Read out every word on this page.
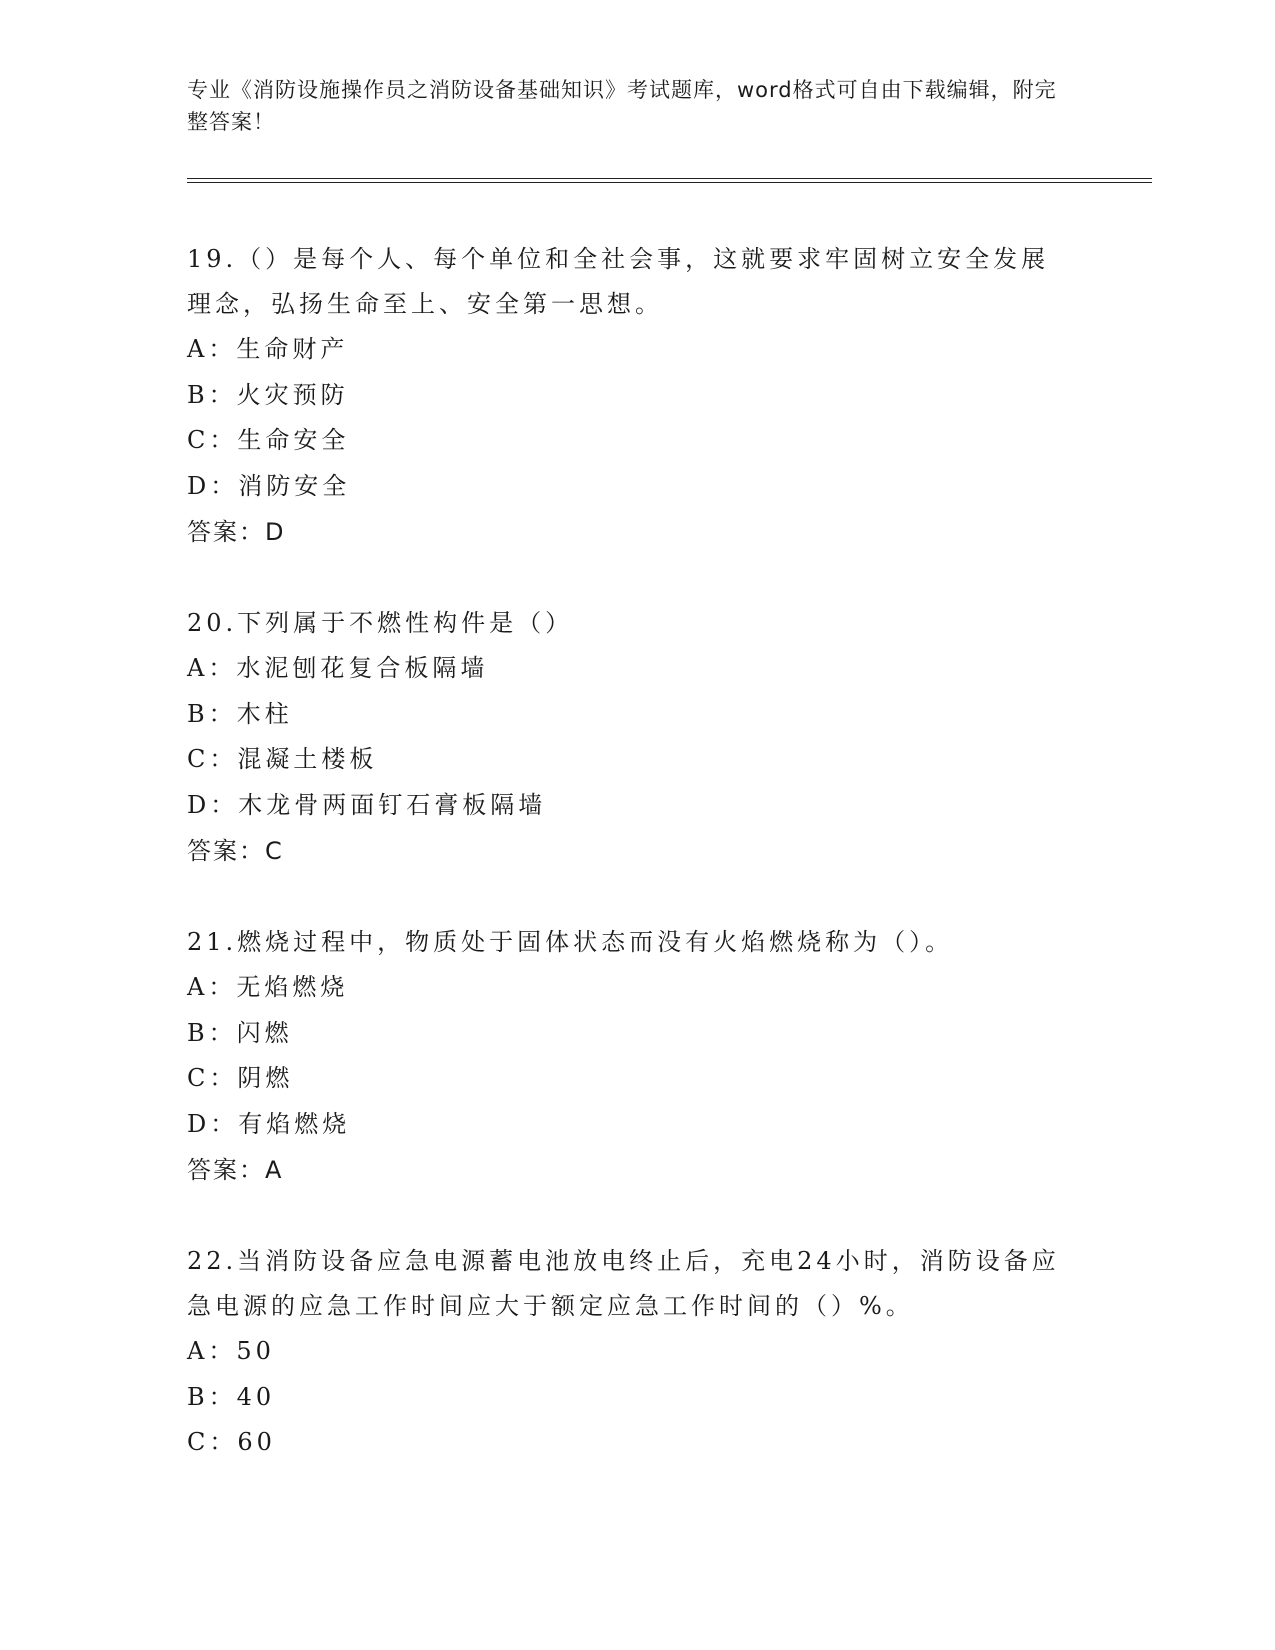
专业《消防设施操作员之消防设备基础知识》考试题库，word格式可自由下载编辑，附完整答案！

19.（）是每个人、每个单位和全社会事，这就要求牢固树立安全发展理念，弘扬生命至上、安全第一思想。

A：生命财产

B：火灾预防

C：生命安全

D：消防安全

答案：D

20.下列属于不燃性构件是（）

A：水泥刨花复合板隔墙

B：木柱

C：混凝土楼板

D：木龙骨两面钉石膏板隔墙

答案：C

21.燃烧过程中，物质处于固体状态而没有火焰燃烧称为（）。

A：无焰燃烧

B：闪燃

C：阴燃

D：有焰燃烧

答案：A

22.当消防设备应急电源蓄电池放电终止后，充电24小时，消防设备应急电源的应急工作时间应大于额定应急工作时间的（）%。

A：50

B：40

C：60
